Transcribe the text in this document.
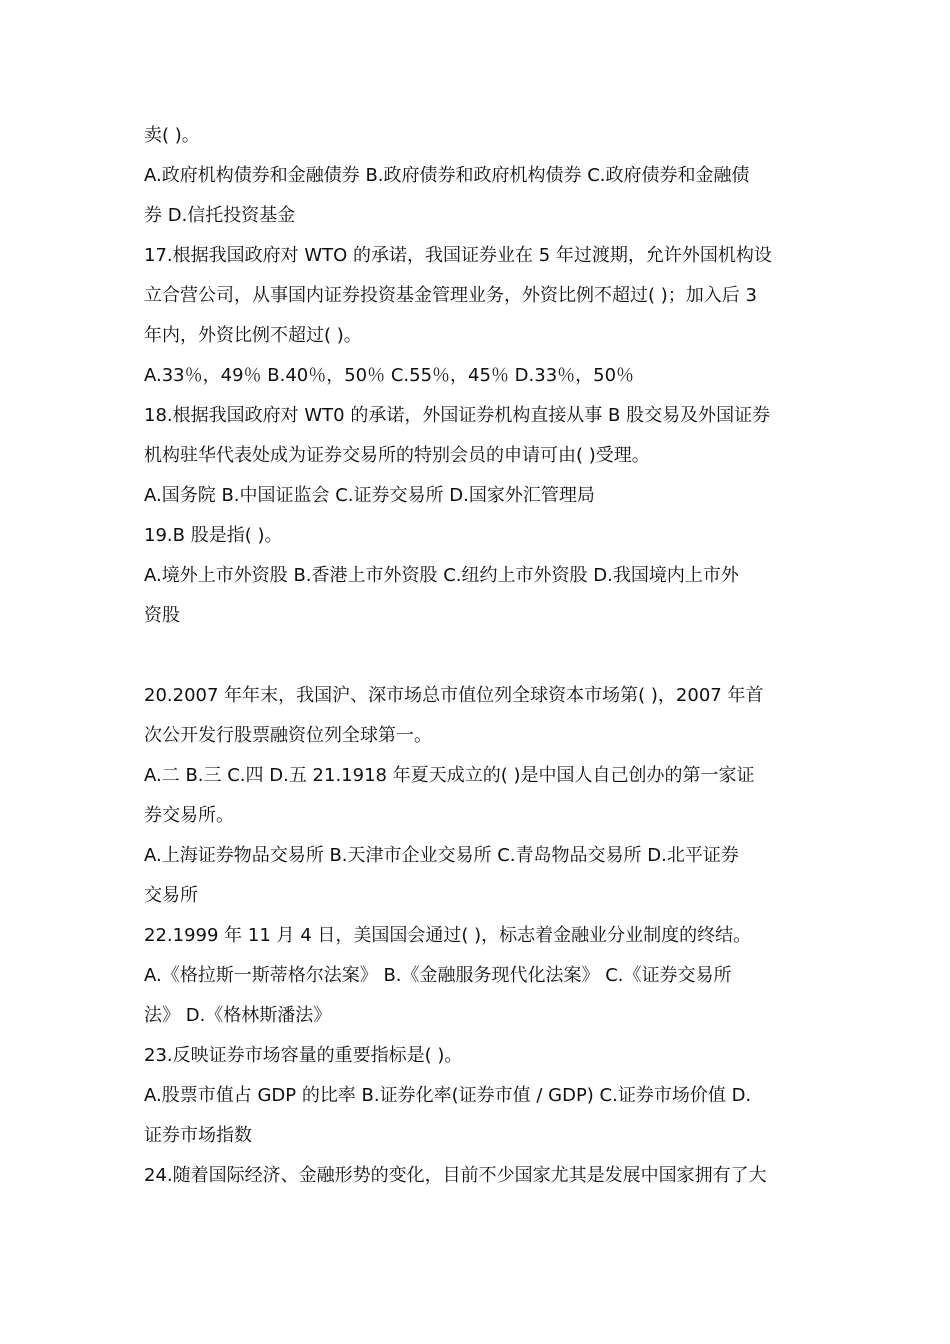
卖( )。

A.政府机构债券和金融债券 B.政府债券和政府机构债券 C.政府债券和金融债

券 D.信托投资基金

17.根据我国政府对 WTO 的承诺，我国证券业在 5 年过渡期，允许外国机构设

立合营公司，从事国内证券投资基金管理业务，外资比例不超过( )；加入后 3

年内，外资比例不超过( )。

A.33％，49％ B.40％，50％ C.55％，45％ D.33％，50％

18.根据我国政府对 WT0 的承诺，外国证券机构直接从事 B 股交易及外国证券

机构驻华代表处成为证券交易所的特别会员的申请可由( )受理。

A.国务院 B.中国证监会 C.证券交易所 D.国家外汇管理局

19.B 股是指( )。

A.境外上市外资股 B.香港上市外资股 C.纽约上市外资股 D.我国境内上市外

资股

20.2007 年年末，我国沪、深市场总市值位列全球资本市场第( )，2007 年首

次公开发行股票融资位列全球第一。

A.二 B.三 C.四 D.五 21.1918 年夏天成立的( )是中国人自己创办的第一家证

券交易所。

A.上海证券物品交易所 B.天津市企业交易所 C.青岛物品交易所 D.北平证券

交易所

22.1999 年 11 月 4 日，美国国会通过( )，标志着金融业分业制度的终结。

A.《格拉斯一斯蒂格尔法案》 B.《金融服务现代化法案》 C.《证券交易所

法》 D.《格林斯潘法》

23.反映证券市场容量的重要指标是( )。

A.股票市值占 GDP 的比率 B.证券化率(证券市值 / GDP) C.证券市场价值 D.

证券市场指数

24.随着国际经济、金融形势的变化，目前不少国家尤其是发展中国家拥有了大
